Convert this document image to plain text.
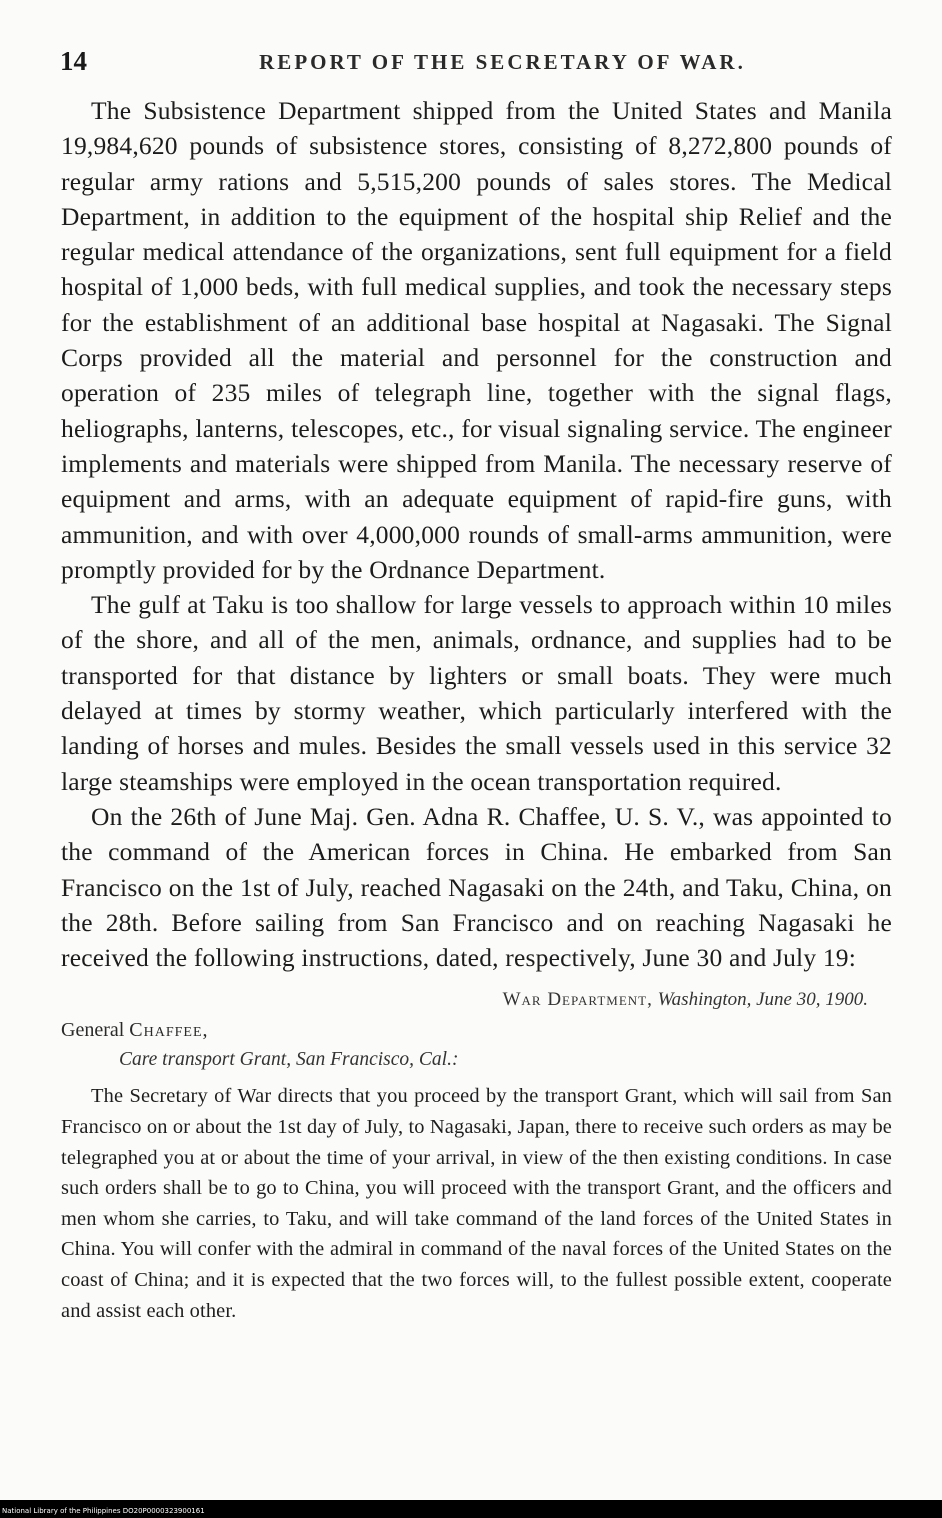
14	REPORT OF THE SECRETARY OF WAR.

The Subsistence Department shipped from the United States and Manila 19,984,620 pounds of subsistence stores, consisting of 8,272,800 pounds of regular army rations and 5,515,200 pounds of sales stores. The Medical Department, in addition to the equipment of the hospital ship Relief and the regular medical attendance of the organizations, sent full equipment for a field hospital of 1,000 beds, with full medical supplies, and took the necessary steps for the establishment of an additional base hospital at Nagasaki. The Signal Corps provided all the material and personnel for the construction and operation of 235 miles of telegraph line, together with the signal flags, heliographs, lanterns, telescopes, etc., for visual signaling service. The engineer implements and materials were shipped from Manila. The necessary reserve of equipment and arms, with an adequate equipment of rapid-fire guns, with ammunition, and with over 4,000,000 rounds of small-arms ammunition, were promptly provided for by the Ordnance Department.

The gulf at Taku is too shallow for large vessels to approach within 10 miles of the shore, and all of the men, animals, ordnance, and supplies had to be transported for that distance by lighters or small boats. They were much delayed at times by stormy weather, which particularly interfered with the landing of horses and mules. Besides the small vessels used in this service 32 large steamships were employed in the ocean transportation required.

On the 26th of June Maj. Gen. Adna R. Chaffee, U. S. V., was appointed to the command of the American forces in China. He embarked from San Francisco on the 1st of July, reached Nagasaki on the 24th, and Taku, China, on the 28th. Before sailing from San Francisco and on reaching Nagasaki he received the following instructions, dated, respectively, June 30 and July 19:

War Department, Washington, June 30, 1900.
General Chaffee,
Care transport Grant, San Francisco, Cal.:

The Secretary of War directs that you proceed by the transport Grant, which will sail from San Francisco on or about the 1st day of July, to Nagasaki, Japan, there to receive such orders as may be telegraphed you at or about the time of your arrival, in view of the then existing conditions. In case such orders shall be to go to China, you will proceed with the transport Grant, and the officers and men whom she carries, to Taku, and will take command of the land forces of the United States in China. You will confer with the admiral in command of the naval forces of the United States on the coast of China; and it is expected that the two forces will, to the fullest possible extent, cooperate and assist each other.

National Library of the Philippines DO20P0000323900161
